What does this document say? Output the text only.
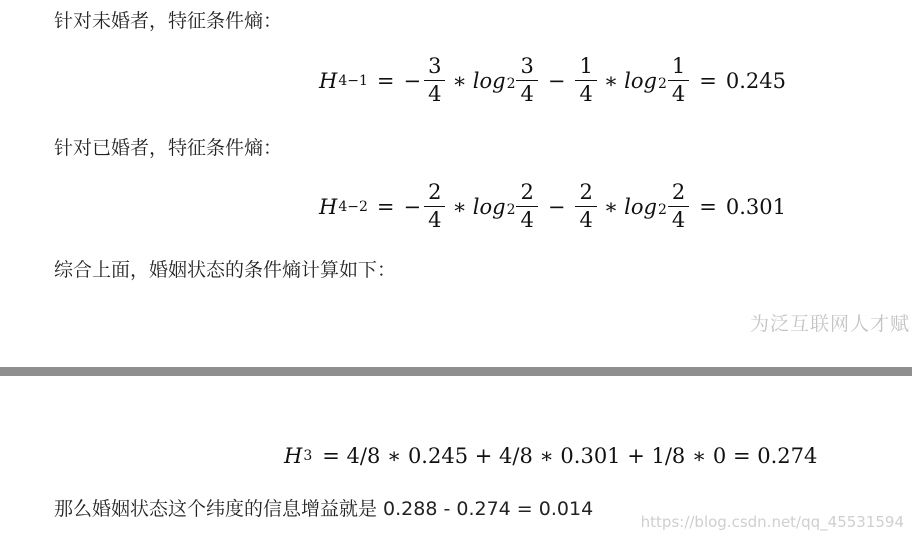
针对未婚者，特征条件熵：
H 4−1 = − $\frac{3}{4}$ ∗ $\log 2 \frac{3}{4} - \frac{1}{4}$ ∗ $\log 2 \frac{1}{4} = 0.245$
针对已婚者，特征条件熵：
H 4−2 = − $\frac{2}{4}$ ∗ $\log 2 \frac{2}{4} - \frac{2}{4}$ ∗ $\log 2 \frac{2}{4} = 0.301$
综合上面，婚姻状态的条件熵计算如下：
为泛互联网人才赋
H 3 = 4/8 ∗ 0.245 + 4/8 ∗ 0.301 + 1/8 ∗ 0 = 0.274
那么婚姻状态这个纬度的信息增益就是 0.288 - 0.274 = 0.014
https://blog.csdn.net/qq_45531594
